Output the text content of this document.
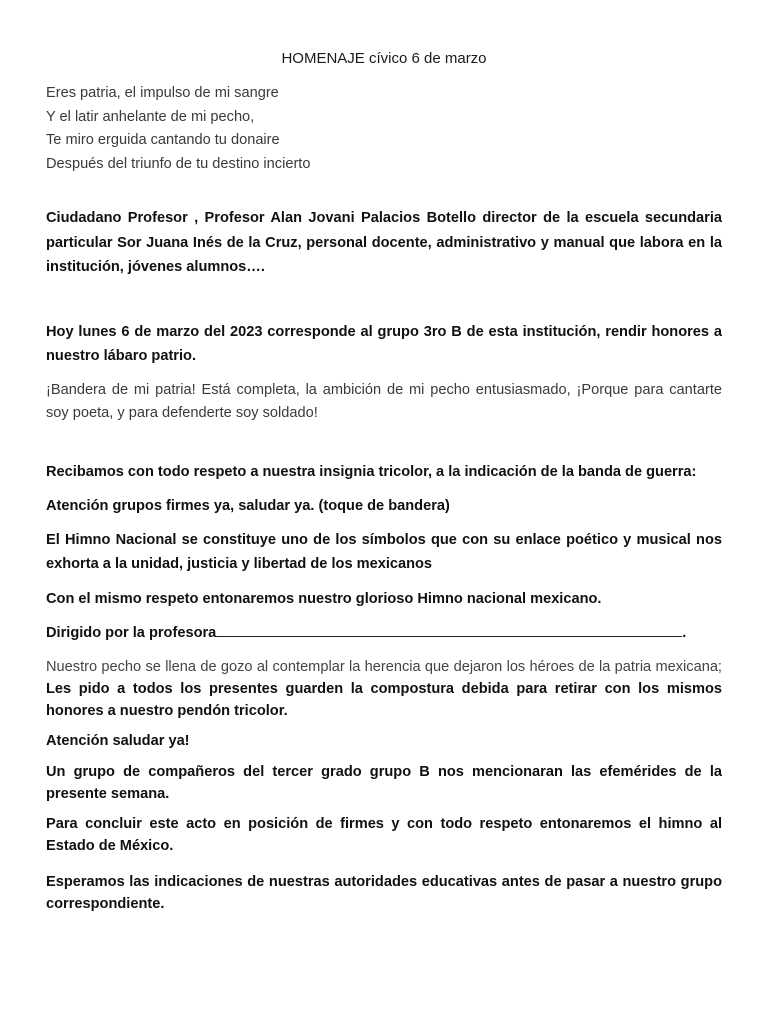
HOMENAJE cívico 6 de marzo

Eres patria, el impulso de mi sangre

Y el latir anhelante de mi pecho,

Te miro erguida cantando tu donaire

Después del triunfo de tu destino incierto

Ciudadano Profesor , Profesor Alan Jovani Palacios Botello director de la escuela secundaria particular Sor Juana Inés de la Cruz, personal docente, administrativo y manual que labora en la institución, jóvenes alumnos….

Hoy lunes 6 de marzo del 2023 corresponde al grupo 3ro B de esta institución, rendir honores a nuestro lábaro patrio.

¡Bandera de mi patria! Está completa, la ambición de mi pecho entusiasmado, ¡Porque para cantarte soy poeta, y para defenderte soy soldado!

Recibamos con todo respeto a nuestra insignia tricolor, a la indicación de la banda de guerra:

Atención grupos firmes ya, saludar ya. (toque de bandera)

El Himno Nacional se constituye uno de los símbolos que con su enlace poético y musical nos exhorta a la unidad, justicia y libertad de los mexicanos

Con el mismo respeto entonaremos nuestro glorioso Himno nacional mexicano.

Dirigido por la profesora	.

Nuestro pecho se llena de gozo al contemplar la herencia que dejaron los héroes de la patria mexicana; Les pido a todos los presentes guarden la compostura debida para retirar con los mismos honores a nuestro pendón tricolor.

Atención saludar ya!

Un grupo de compañeros del tercer grado grupo B nos mencionaran las efemérides de la presente semana.

Para concluir este acto en posición de firmes y con todo respeto entonaremos el himno al Estado de México.

Esperamos las indicaciones de nuestras autoridades educativas antes de pasar a nuestro grupo correspondiente.
